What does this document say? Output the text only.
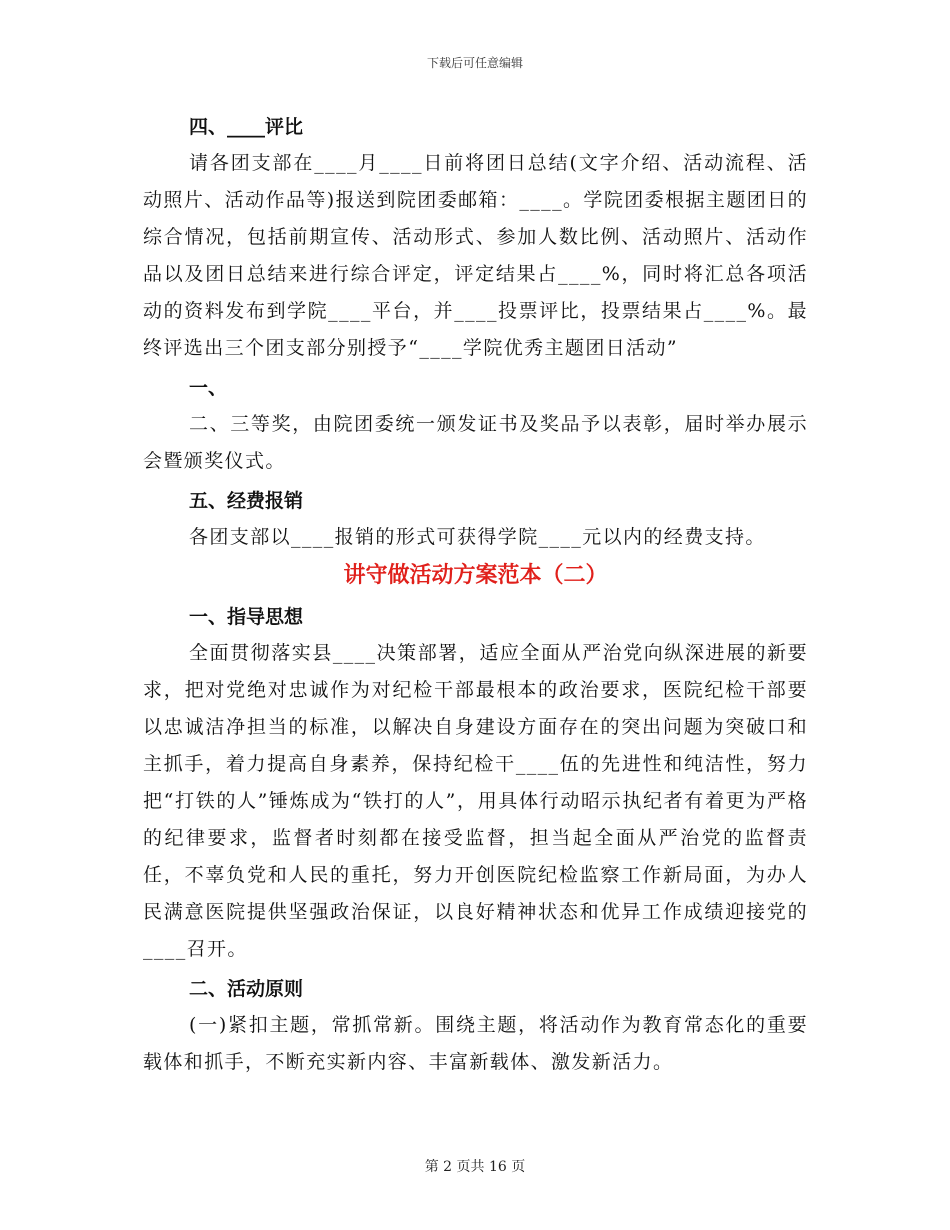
下载后可任意编辑

四、____评比

请各团支部在____月____日前将团日总结(文字介绍、活动流程、活动照片、活动作品等)报送到院团委邮箱：____。学院团委根据主题团日的综合情况，包括前期宣传、活动形式、参加人数比例、活动照片、活动作品以及团日总结来进行综合评定，评定结果占____%，同时将汇总各项活动的资料发布到学院____平台，并____投票评比，投票结果占____%。最终评选出三个团支部分别授予“____学院优秀主题团日活动”

一、

二、三等奖，由院团委统一颁发证书及奖品予以表彰，届时举办展示会暨颁奖仪式。

五、经费报销

各团支部以____报销的形式可获得学院____元以内的经费支持。

讲守做活动方案范本（二）

一、指导思想

全面贯彻落实县____决策部署，适应全面从严治党向纵深进展的新要求，把对党绝对忠诚作为对纪检干部最根本的政治要求，医院纪检干部要以忠诚洁净担当的标准，以解决自身建设方面存在的突出问题为突破口和主抓手，着力提高自身素养，保持纪检干____伍的先进性和纯洁性，努力把“打铁的人”锤炼成为“铁打的人”，用具体行动昭示执纪者有着更为严格的纪律要求，监督者时刻都在接受监督，担当起全面从严治党的监督责任，不辜负党和人民的重托，努力开创医院纪检监察工作新局面，为办人民满意医院提供坚强政治保证，以良好精神状态和优异工作成绩迎接党的____召开。

二、活动原则

(一)紧扣主题，常抓常新。围绕主题，将活动作为教育常态化的重要载体和抓手，不断充实新内容、丰富新载体、激发新活力。

第 2 页共 16 页
